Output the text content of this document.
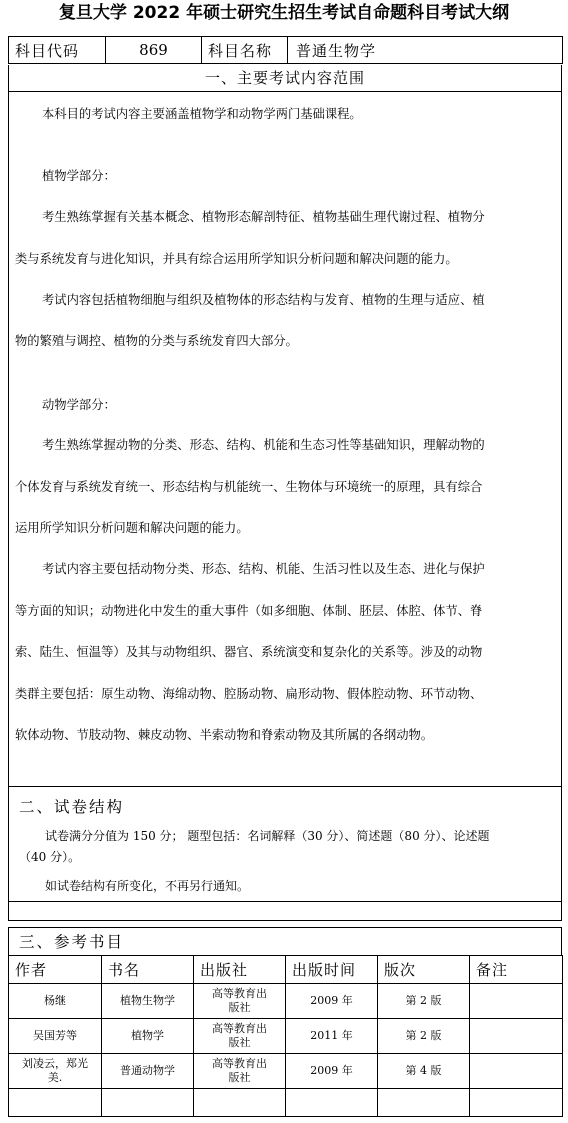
复旦大学 2022 年硕士研究生招生考试自命题科目考试大纲
科目代码	869	科目名称	普通生物学
一、主要考试内容范围

本科目的考试内容主要涵盖植物学和动物学两门基础课程。

植物学部分：

考生熟练掌握有关基本概念、植物形态解剖特征、植物基础生理代谢过程、植物分

类与系统发育与进化知识，并具有综合运用所学知识分析问题和解决问题的能力。

考试内容包括植物细胞与组织及植物体的形态结构与发育、植物的生理与适应、植

物的繁殖与调控、植物的分类与系统发育四大部分。

动物学部分：

考生熟练掌握动物的分类、形态、结构、机能和生态习性等基础知识，理解动物的

个体发育与系统发育统一、形态结构与机能统一、生物体与环境统一的原理，具有综合

运用所学知识分析问题和解决问题的能力。

考试内容主要包括动物分类、形态、结构、机能、生活习性以及生态、进化与保护

等方面的知识；动物进化中发生的重大事件（如多细胞、体制、胚层、体腔、体节、脊

索、陆生、恒温等）及其与动物组织、器官、系统演变和复杂化的关系等。涉及的动物

类群主要包括：原生动物、海绵动物、腔肠动物、扁形动物、假体腔动物、环节动物、

软体动物、节肢动物、棘皮动物、半索动物和脊索动物及其所属的各纲动物。

二、试卷结构
试卷满分分值为 150 分； 题型包括：名词解释（30 分）、简述题（80 分）、论述题
（40 分）。
如试卷结构有所变化，不再另行通知。
三、参考书目
作者	书名	出版社	出版时间	版次	备注
杨继	植物生物学	高等教育出版社	2009 年	第 2 版	
吴国芳等	植物学	高等教育出版社	2011 年	第 2 版	

刘凌云，郑光美.	普通动物学	高等教育出版社	2009 年	第 4 版	
